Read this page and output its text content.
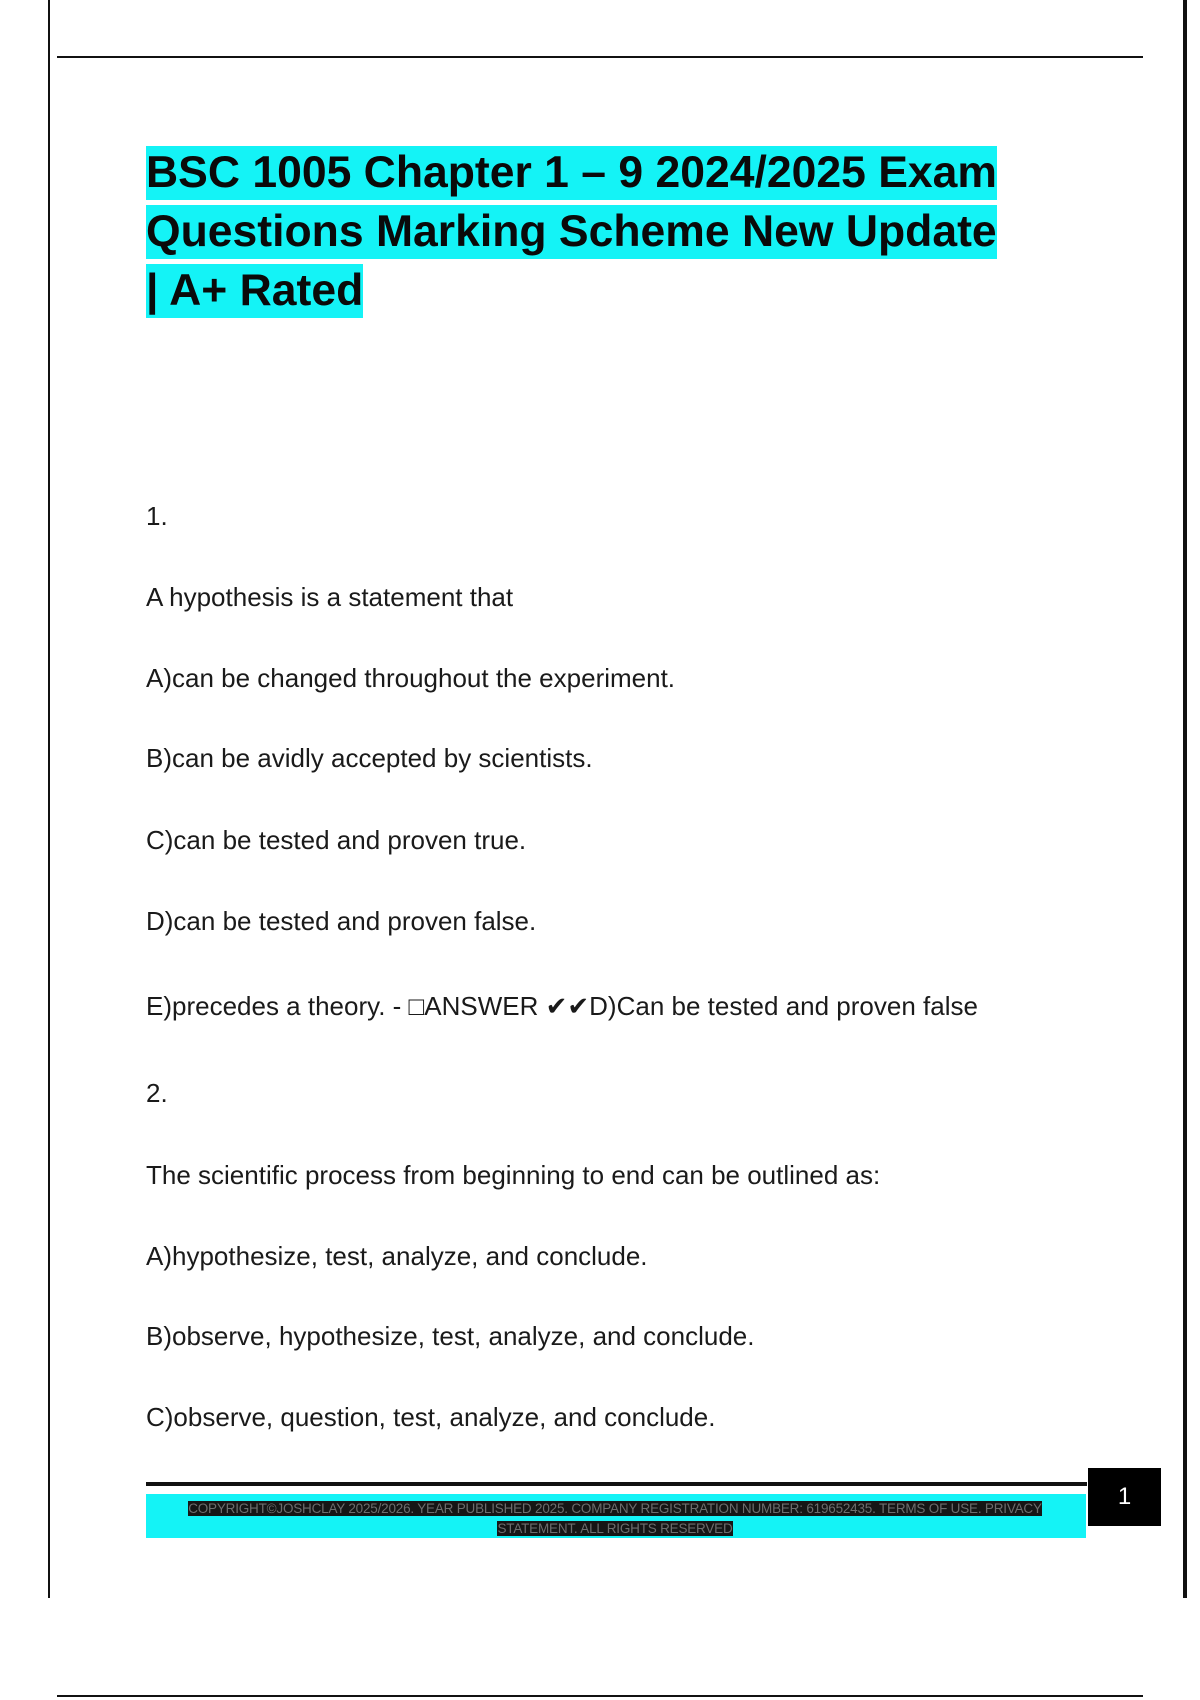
BSC 1005 Chapter 1 – 9 2024/2025 Exam
Questions Marking Scheme New Update
| A+ Rated
1.
A hypothesis is a statement that
A)can be changed throughout the experiment.
B)can be avidly accepted by scientists.
C)can be tested and proven true.
D)can be tested and proven false.
E)precedes a theory. - □ANSWER ✔✔D)Can be tested and proven false
2.
The scientific process from beginning to end can be outlined as:
A)hypothesize, test, analyze, and conclude.
B)observe, hypothesize, test, analyze, and conclude.
C)observe, question, test, analyze, and conclude.
COPYRIGHT©JOSHCLAY 2025/2026. YEAR PUBLISHED 2025. COMPANY REGISTRATION NUMBER: 619652435. TERMS OF USE. PRIVACY
STATEMENT. ALL RIGHTS RESERVED
1
